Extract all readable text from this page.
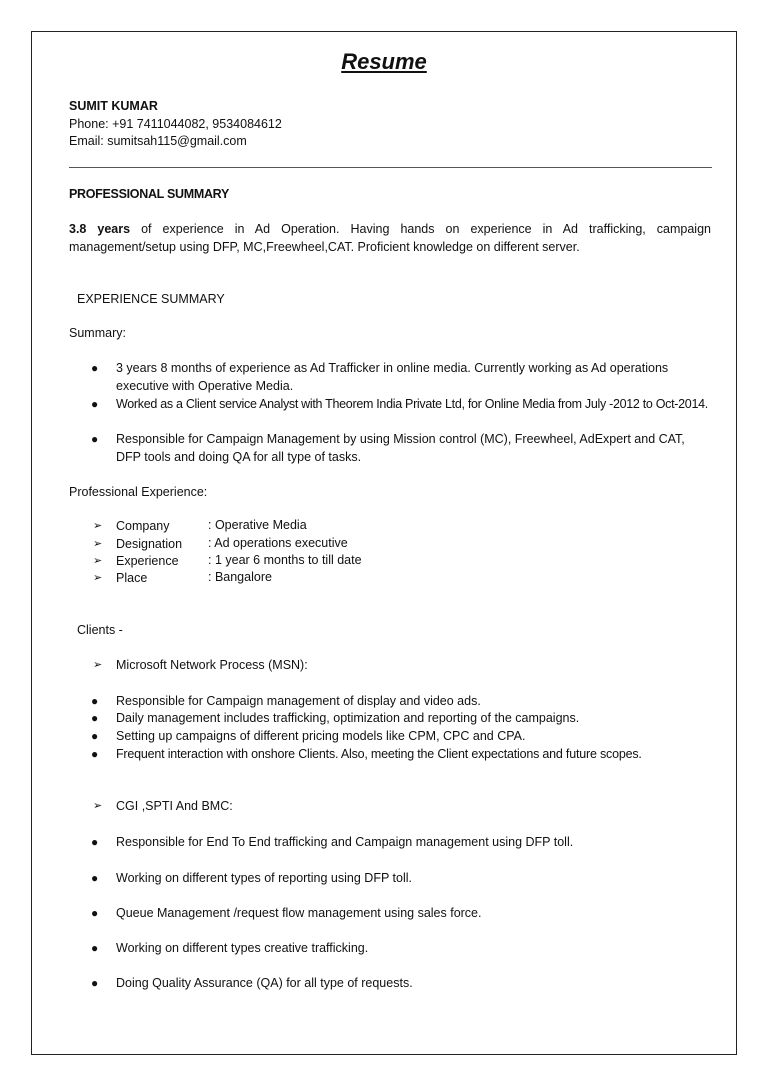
Resume
SUMIT KUMAR
Phone: +91 7411044082, 9534084612
Email: sumitsah115@gmail.com
PROFESSIONAL SUMMARY
3.8 years of experience in Ad Operation. Having hands on experience in Ad trafficking, campaign management/setup using DFP, MC,Freewheel,CAT. Proficient knowledge on different server.
EXPERIENCE SUMMARY
Summary:
● 3 years 8 months of experience as Ad Trafficker in online media. Currently working as Ad operations executive with Operative Media.
● Worked as a Client service Analyst with Theorem India Private Ltd, for Online Media from July -2012 to Oct-2014.
● Responsible for Campaign Management by using Mission control (MC), Freewheel, AdExpert and CAT, DFP tools and doing QA for all type of tasks.
Professional Experience:
➢ Company	: Operative Media
➢ Designation : Ad operations executive
➢ Experience : 1 year 6 months to till date
➢ Place	: Bangalore
Clients -
➢ Microsoft Network Process (MSN):
● Responsible for Campaign management of display and video ads.
● Daily management includes trafficking, optimization and reporting of the campaigns.
● Setting up campaigns of different pricing models like CPM, CPC and CPA.
● Frequent interaction with onshore Clients. Also, meeting the Client expectations and future scopes.
➢ CGI ,SPTI And BMC:
● Responsible for End To End trafficking and Campaign management using DFP toll.
● Working on different types of reporting using DFP toll.
● Queue Management /request flow management using sales force.
● Working on different types creative trafficking.
● Doing Quality Assurance (QA) for all type of requests.
